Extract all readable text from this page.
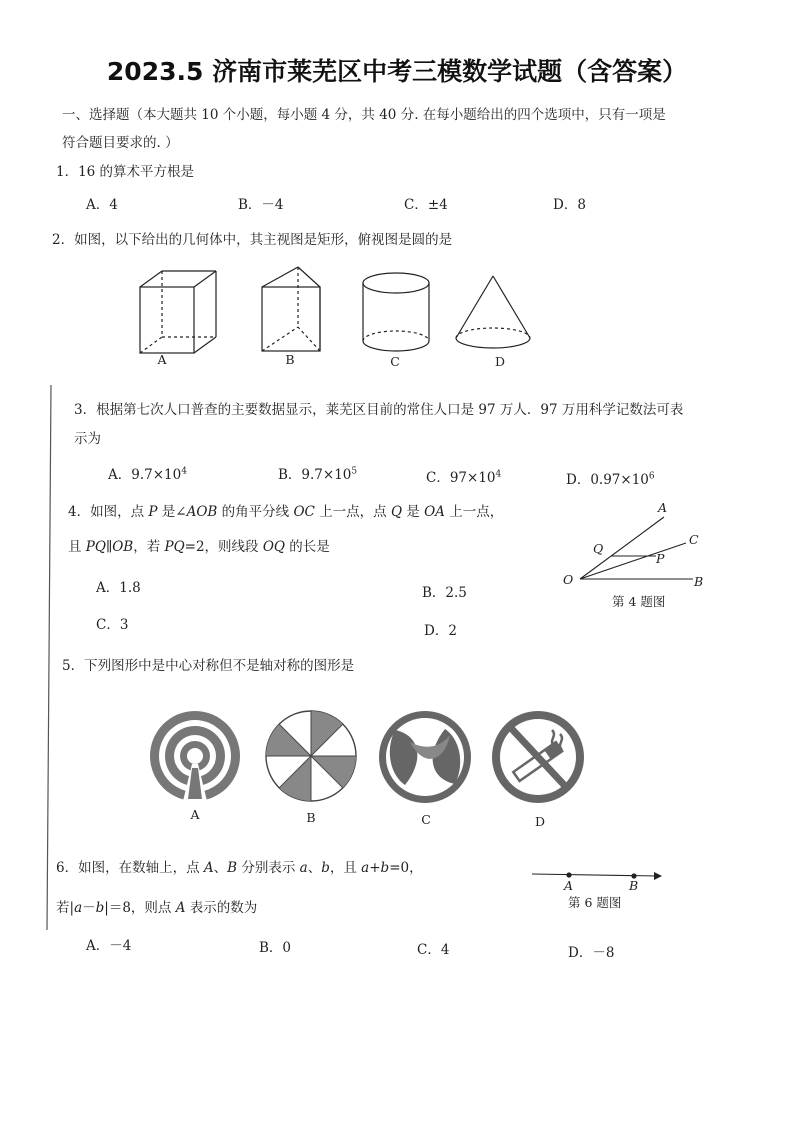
2023.5 济南市莱芜区中考三模数学试题（含答案）
一、选择题（本大题共 10 个小题，每小题 4 分，共 40 分. 在每小题给出的四个选项中，只有一项是
符合题目要求的. ）
1．16 的算术平方根是
A．4	B．－4	C．±4	D．8
2．如图，以下给出的几何体中，其主视图是矩形，俯视图是圆的是
A	B	C	D
3．根据第七次人口普查的主要数据显示，莱芜区目前的常住人口是 97 万人．97 万用科学记数法可表
示为
A．$9.7\times 10^4$	B．$9.7\times 10^5$	C．$97\times 10^4$	D．$0.97\times 10^6$
4．如图，点 P 是∠AOB 的角平分线 OC 上一点，点 Q 是 OA 上一点，
且 PQ∥OB，若 PQ=2，则线段 OQ 的长是
A．1.8	B．2.5
C．3	D．2
A
C
Q
P
O	B
第 4 题图
5．下列图形中是中心对称但不是轴对称的图形是
A	B	C	D
6．如图，在数轴上，点 A、B 分别表示 a、b，且 a+b=0，
若|a－b|＝8，则点 A 表示的数为
A	B
第 6 题图
A．－4	B．0	C．4	D．－8
